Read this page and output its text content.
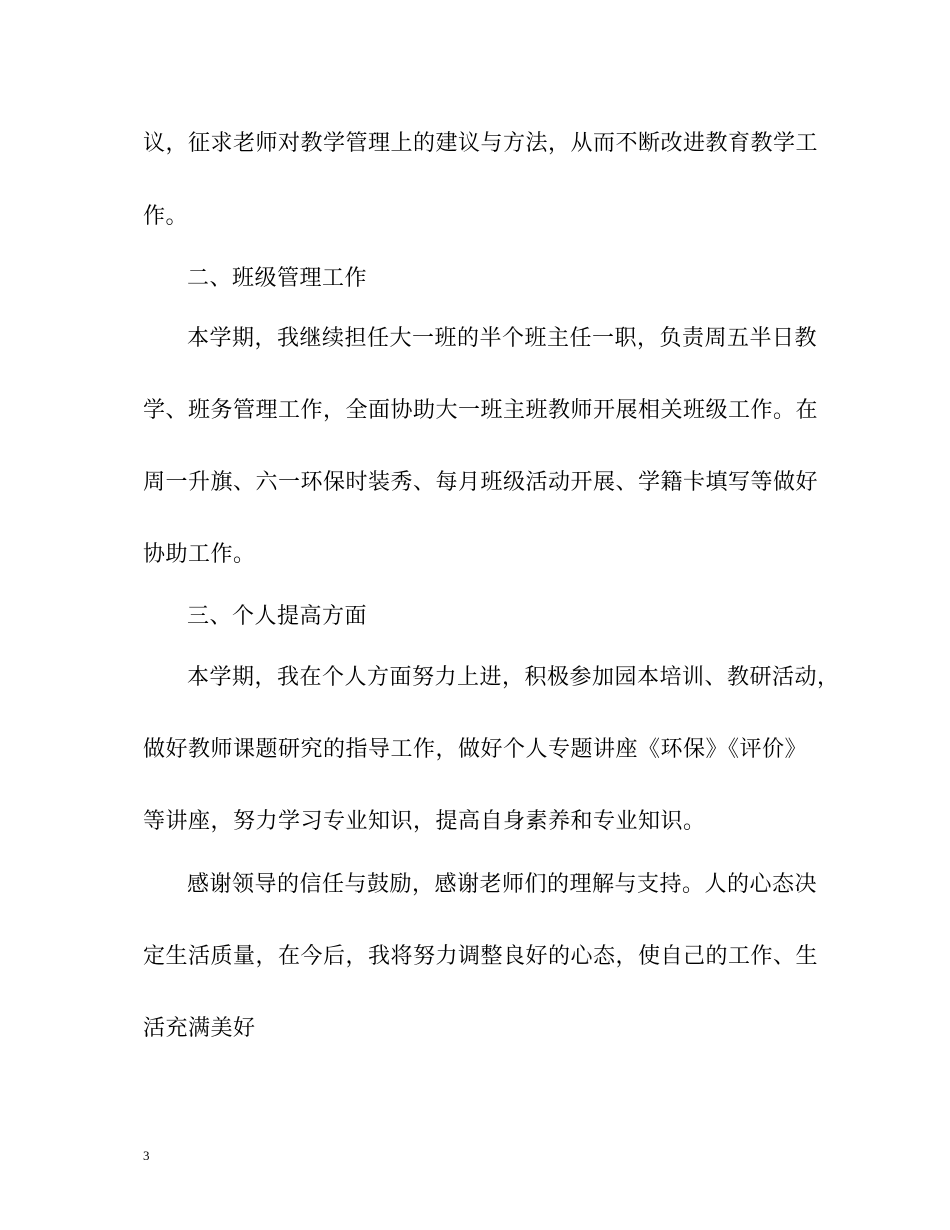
议，征求老师对教学管理上的建议与方法，从而不断改进教育教学工
作。
二、班级管理工作
本学期，我继续担任大一班的半个班主任一职，负责周五半日教
学、班务管理工作，全面协助大一班主班教师开展相关班级工作。在
周一升旗、六一环保时装秀、每月班级活动开展、学籍卡填写等做好
协助工作。
三、个人提高方面
本学期，我在个人方面努力上进，积极参加园本培训、教研活动，
做好教师课题研究的指导工作，做好个人专题讲座《环保》《评价》
等讲座，努力学习专业知识，提高自身素养和专业知识。
感谢领导的信任与鼓励，感谢老师们的理解与支持。人的心态决
定生活质量，在今后，我将努力调整良好的心态，使自己的工作、生
活充满美好
3
